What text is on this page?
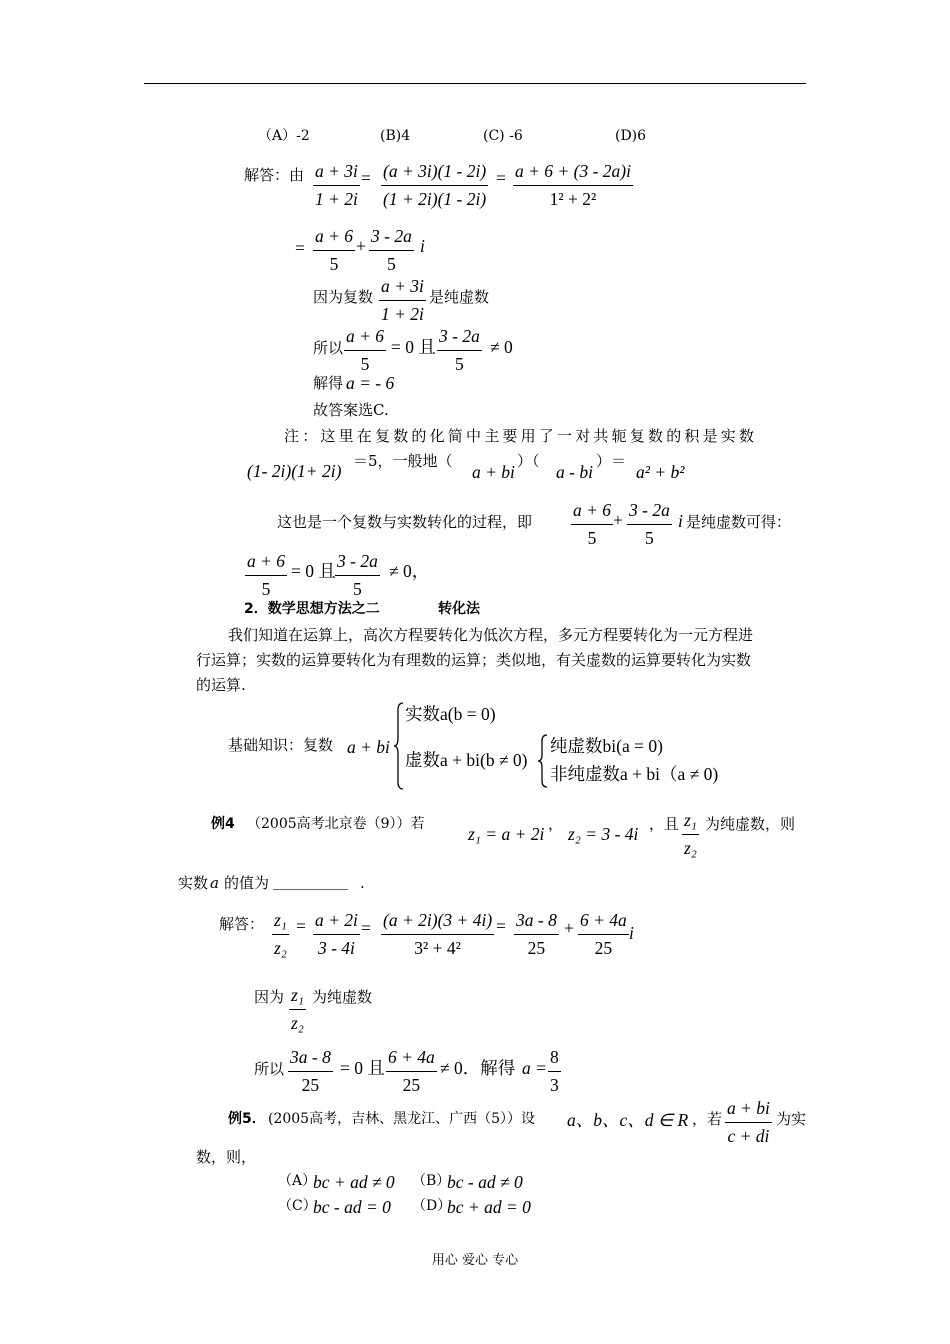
（A）-2	(B)4	(C) -6	(D)6
解答：由 $\frac{a + 3i}{1 + 2i} = \frac{(a + 3i)(1 - 2i)}{(1 + 2i)(1 - 2i)} = \frac{a + 6 + (3 - 2a)i}{\text{1² + 2²}}$
= $\frac{a + 6}{5} + \frac{3 - 2a}{5}$ i
因为复数 $\frac{a + 3i}{1 + 2i}$ 是纯虚数
所以 $\frac{a + 6}{5} = 0$ 且 $\frac{3 - 2a}{5} \ne 0$
解得 a = - 6
故答案选C.
注：这里在复数的化简中主要用了一对共轭复数的积是实数
(1- 2i)(1+ 2i) ＝5，一般地（
a + bi
）（
a - bi
）＝
a² + b²
这也是一个复数与实数转化的过程，即 $\frac{a + 6}{5} + \frac{3 - 2a}{5}$ i 是纯虚数可得：
$\frac{a + 6}{5} = 0$ 且 $\frac{3 - 2a}{5} \ne 0$，
2．数学思想方法之二	转化法
我们知道在运算上，高次方程要转化为低次方程，多元方程要转化为一元方程进
行运算；实数的运算要转化为有理数的运算；类似地，有关虚数的运算要转化为实数
的运算.
基础知识：复数 a + bi
实数a(b = 0)
虚数a + bi(b ≠ 0)
纯虚数bi(a = 0)
非纯虚数a + bi（a ≠ 0)
例4 （2005高考北京卷（9））若 z₁ = a + 2i ， z₂ = 3 - 4i ，且 $\frac{\text{z₁}}{\text{z₂}}$ 为纯虚数，则
实数 a 的值为 __________ .
解答： $\frac{\text{z₁}}{\text{z₂}} = \frac{a + 2i}{3 - 4i} = \frac{(a + 2i)(3 + 4i)}{\text{3² + 4²}} = \frac{3a - 8}{25} + \frac{6 + 4a}{25}$ i
因为 $\frac{\text{z₁}}{\text{z₂}}$ 为纯虚数
所以 $\frac{3a - 8}{25} = 0$ 且 $\frac{6 + 4a}{25} \ne 0$．解得 $a = \frac{8}{3}$
例5． (2005高考，吉林、黑龙江、广西（5））设 a、b、c、d ∈ R ，若 $\frac{a + bi}{c + di}$ 为实
数，则，
（A）
bc + ad ≠ 0 （B）
bc - ad ≠ 0
（C）
bc - ad = 0 （D）
bc + ad = 0
用心 爱心 专心
